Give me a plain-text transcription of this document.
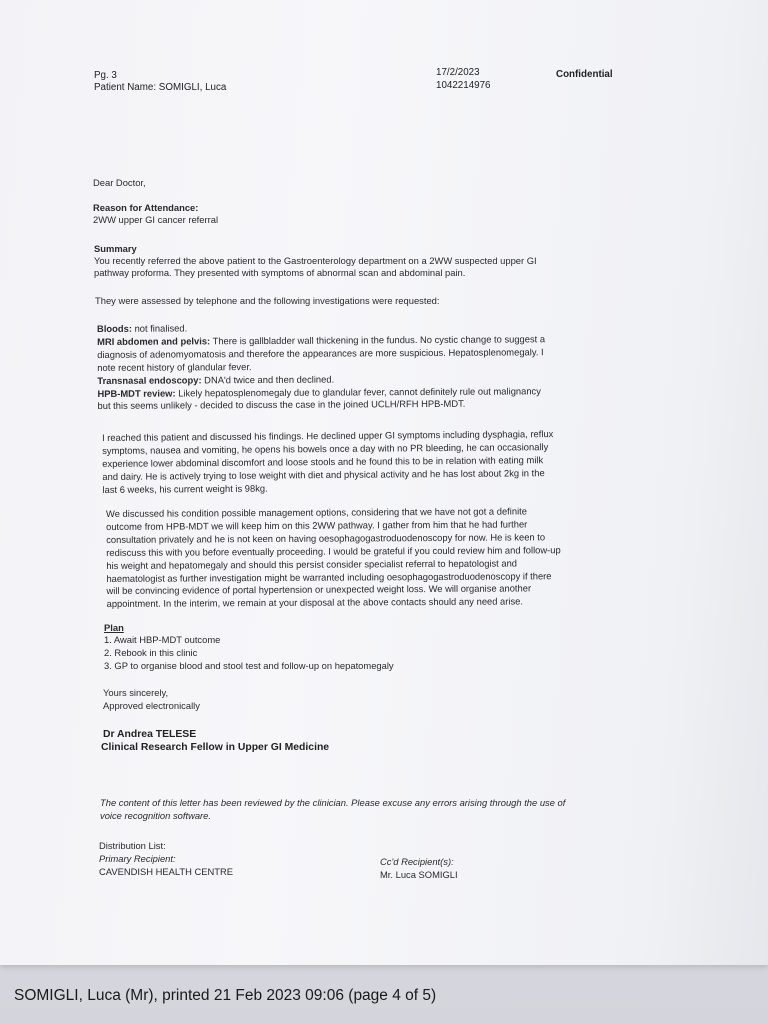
Pg. 3
Patient Name: SOMIGLI, Luca
17/2/2023
1042214976
Confidential
Dear Doctor,
Reason for Attendance:
2WW upper GI cancer referral
Summary
You recently referred the above patient to the Gastroenterology department on a 2WW suspected upper GI
pathway proforma. They presented with symptoms of abnormal scan and abdominal pain.
They were assessed by telephone and the following investigations were requested:
Bloods: not finalised.
MRI abdomen and pelvis: There is gallbladder wall thickening in the fundus. No cystic change to suggest a
diagnosis of adenomyomatosis and therefore the appearances are more suspicious. Hepatosplenomegaly. I
note recent history of glandular fever.
Transnasal endoscopy: DNA'd twice and then declined.
HPB-MDT review: Likely hepatosplenomegaly due to glandular fever, cannot definitely rule out malignancy
but this seems unlikely - decided to discuss the case in the joined UCLH/RFH HPB-MDT.
I reached this patient and discussed his findings. He declined upper GI symptoms including dysphagia, reflux
symptoms, nausea and vomiting, he opens his bowels once a day with no PR bleeding, he can occasionally
experience lower abdominal discomfort and loose stools and he found this to be in relation with eating milk
and dairy. He is actively trying to lose weight with diet and physical activity and he has lost about 2kg in the
last 6 weeks, his current weight is 98kg.
We discussed his condition possible management options, considering that we have not got a definite
outcome from HPB-MDT we will keep him on this 2WW pathway. I gather from him that he had further
consultation privately and he is not keen on having oesophagogastroduodenoscopy for now. He is keen to
rediscuss this with you before eventually proceeding. I would be grateful if you could review him and follow-up
his weight and hepatomegaly and should this persist consider specialist referral to hepatologist and
haematologist as further investigation might be warranted including oesophagogastroduodenoscopy if there
will be convincing evidence of portal hypertension or unexpected weight loss. We will organise another
appointment. In the interim, we remain at your disposal at the above contacts should any need arise.
Plan
1. Await HBP-MDT outcome
2. Rebook in this clinic
3. GP to organise blood and stool test and follow-up on hepatomegaly
Yours sincerely,
Approved electronically
Dr Andrea TELESE
Clinical Research Fellow in Upper GI Medicine
The content of this letter has been reviewed by the clinician. Please excuse any errors arising through the use of
voice recognition software.
Distribution List:
Primary Recipient:
CAVENDISH HEALTH CENTRE
Cc'd Recipient(s):
Mr. Luca SOMIGLI
SOMIGLI, Luca (Mr), printed 21 Feb 2023 09:06 (page 4 of 5)
